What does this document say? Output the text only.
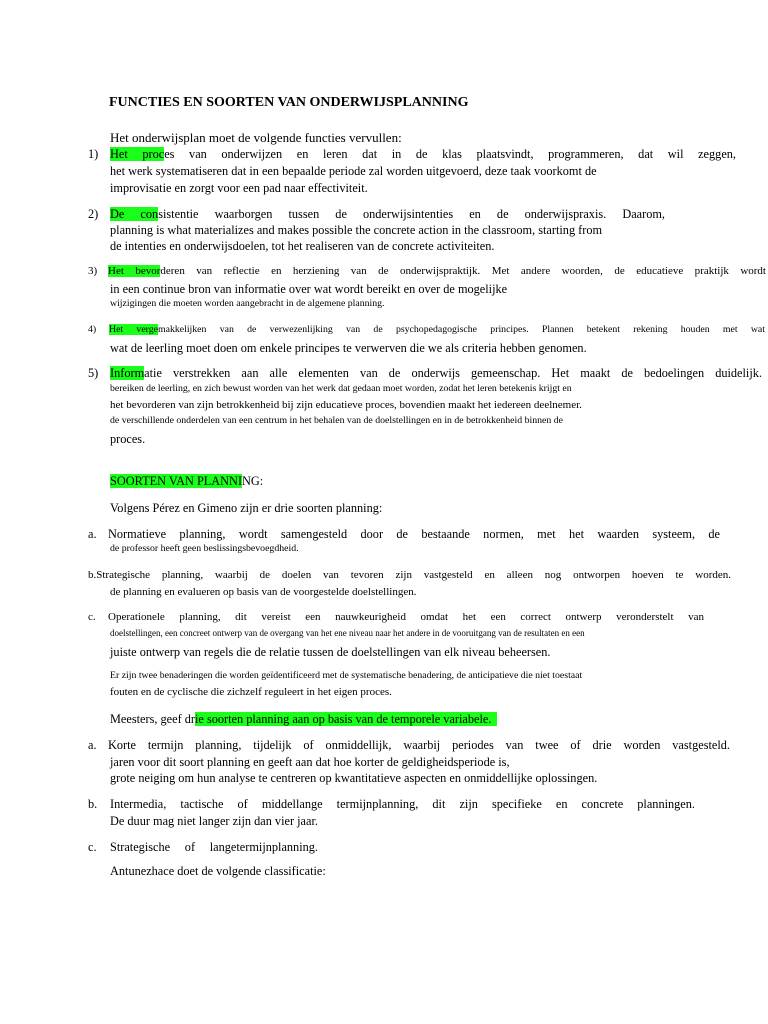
FUNCTIES EN SOORTEN VAN ONDERWIJSPLANNING
Het onderwijsplan moet de volgende functies vervullen:
1) Het proces van onderwijzen en leren dat in de klas plaatsvindt, programmeren, dat wil zeggen,
het werk systematiseren dat in een bepaalde periode zal worden uitgevoerd, deze taak voorkomt de
improvisatie en zorgt voor een pad naar effectiviteit.
2) De consistentie waarborgen tussen de onderwijsintenties en de onderwijspraxis. Daarom,
planning is what materializes and makes possible the concrete action in the classroom, starting from
de intenties en onderwijsdoelen, tot het realiseren van de concrete activiteiten.
3) Het bevorderen van reflectie en herziening van de onderwijspraktijk. Met andere woorden, de educatieve praktijk wordt
in een continue bron van informatie over wat wordt bereikt en over de mogelijke
wijzigingen die moeten worden aangebracht in de algemene planning.
4) Het vergemakkelijken van de verwezenlijking van de psychopedagogische principes. Plannen betekent rekening houden met wat
wat de leerling moet doen om enkele principes te verwerven die we als criteria hebben genomen.
5) Informatie verstrekken aan alle elementen van de onderwijs gemeenschap. Het maakt de bedoelingen duidelijk.
bereiken de leerling, en zich bewust worden van het werk dat gedaan moet worden, zodat het leren betekenis krijgt en
het bevorderen van zijn betrokkenheid bij zijn educatieve proces, bovendien maakt het iedereen deelnemer.
de verschillende onderdelen van een centrum in het behalen van de doelstellingen en in de betrokkenheid binnen de
proces.
SOORTEN VAN PLANNING:
Volgens Pérez en Gimeno zijn er drie soorten planning:
a. Normatieve planning, wordt samengesteld door de bestaande normen, met het waarden systeem, de
de professor heeft geen beslissingsbevoegdheid.
b.Strategische planning, waarbij de doelen van tevoren zijn vastgesteld en alleen nog ontworpen hoeven te worden.
de planning en evalueren op basis van de voorgestelde doelstellingen.
c. Operationele planning, dit vereist een nauwkeurigheid omdat het een correct ontwerp veronderstelt van
doelstellingen, een concreet ontwerp van de overgang van het ene niveau naar het andere in de vooruitgang van de resultaten en een
juiste ontwerp van regels die de relatie tussen de doelstellingen van elk niveau beheersen.
Er zijn twee benaderingen die worden geïdentificeerd met de systematische benadering, de anticipatieve die niet toestaat
fouten en de cyclische die zichzelf reguleert in het eigen proces.
Meesters, geef drie soorten planning aan op basis van de temporele variabele.
a. Korte termijn planning, tijdelijk of onmiddellijk, waarbij periodes van twee of drie worden vastgesteld.
jaren voor dit soort planning en geeft aan dat hoe korter de geldigheidsperiode is,
grote neiging om hun analyse te centreren op kwantitatieve aspecten en onmiddellijke oplossingen.
b. Intermedia, tactische of middellange termijnplanning, dit zijn specifieke en concrete planningen.
De duur mag niet langer zijn dan vier jaar.
c. Strategische of langetermijnplanning.
Antunezhace doet de volgende classificatie:
